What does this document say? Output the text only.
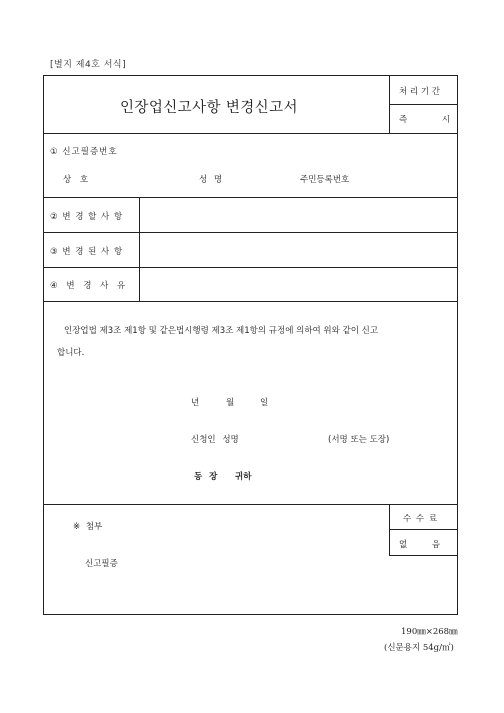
[별지 제4호 서식]
인장업신고사항 변경신고서
처 리 기 간
즉 시
① 신고필증번호
상 호	성 명	주민등록번호
② 변 경 할 사 항
③ 변 경 된 사 항
④ 변 경 사 유
인장업법 제3조 제1항 및 같은법시행령 제3조 제1항의 규정에 의하여 위와 같이 신고
합니다.
년	월	일
신청인 성명	(서명 또는 도장)
동 장 귀하
※ 첨부
신고필증
수 수 료
없 음
190㎜×268㎜
(신문용지 54g/㎡)
